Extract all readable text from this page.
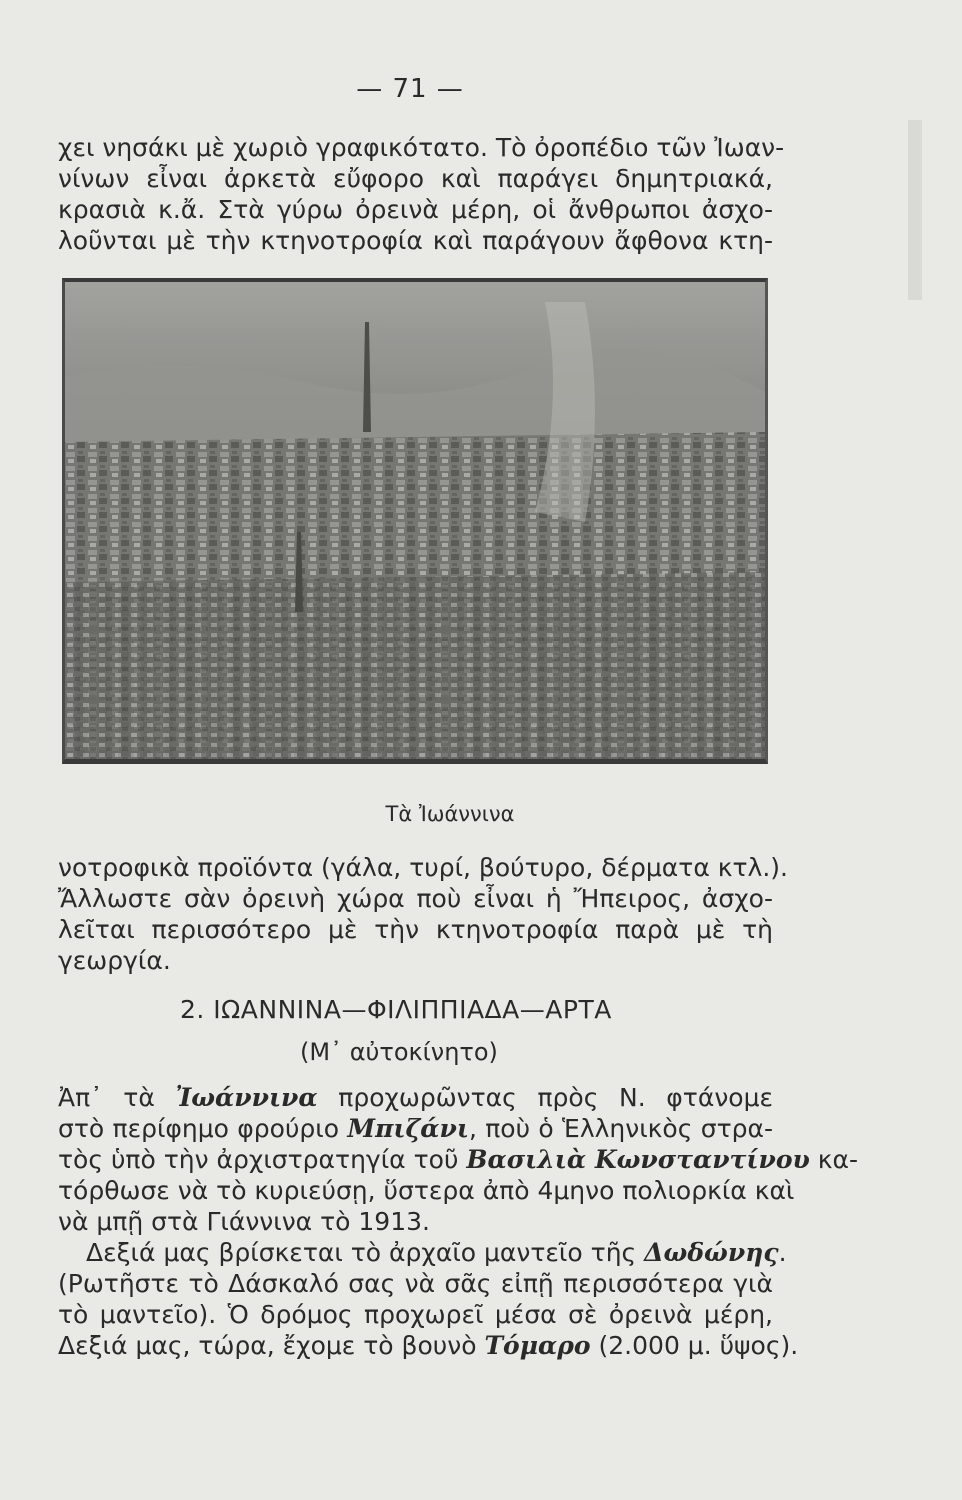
— 71 —

χει νησάκι μὲ χωριὸ γραφικότατο. Τὸ ὀροπέδιο τῶν Ἰωαν-
νίνων εἶναι ἀρκετὰ εὔφορο καὶ παράγει δημητριακά,
κρασιὰ κ.ἄ. Στὰ γύρω ὀρεινὰ μέρη, οἱ ἄνθρωποι ἀσχο-
λοῦνται μὲ τὴν κτηνοτροφία καὶ παράγουν ἄφθονα κτη-

Τὰ Ἰωάννινα

νοτροφικὰ προϊόντα (γάλα, τυρί, βούτυρο, δέρματα κτλ.).
Ἄλλωστε σὰν ὀρεινὴ χώρα ποὺ εἶναι ἡ Ἤπειρος, ἀσχο-
λεῖται περισσότερο μὲ τὴν κτηνοτροφία παρὰ μὲ τὴ
γεωργία.

2. ΙΩΑΝΝΙΝΑ—ΦΙΛΙΠΠΙΑΔΑ—ΑΡΤΑ
(Μ᾽ αὐτοκίνητο)

Ἀπ᾽ τὰ Ἰωάννινα προχωρῶντας πρὸς Ν. φτάνομε
στὸ περίφημο φρούριο Μπιζάνι, ποὺ ὁ Ἑλληνικὸς στρα-
τὸς ὑπὸ τὴν ἀρχιστρατηγία τοῦ Βασιλιὰ Κωνσταντίνου κα-
τόρθωσε νὰ τὸ κυριεύσῃ, ὕστερα ἀπὸ 4μηνο πολιορκία καὶ
νὰ μπῇ στὰ Γιάννινα τὸ 1913.
Δεξιά μας βρίσκεται τὸ ἀρχαῖο μαντεῖο τῆς Δωδώνης.
(Ρωτῆστε τὸ Δάσκαλό σας νὰ σᾶς εἰπῇ περισσότερα γιὰ
τὸ μαντεῖο). Ὁ δρόμος προχωρεῖ μέσα σὲ ὀρεινὰ μέρη,
Δεξιά μας, τώρα, ἔχομε τὸ βουνὸ Τόμαρο (2.000 μ. ὕψος).
